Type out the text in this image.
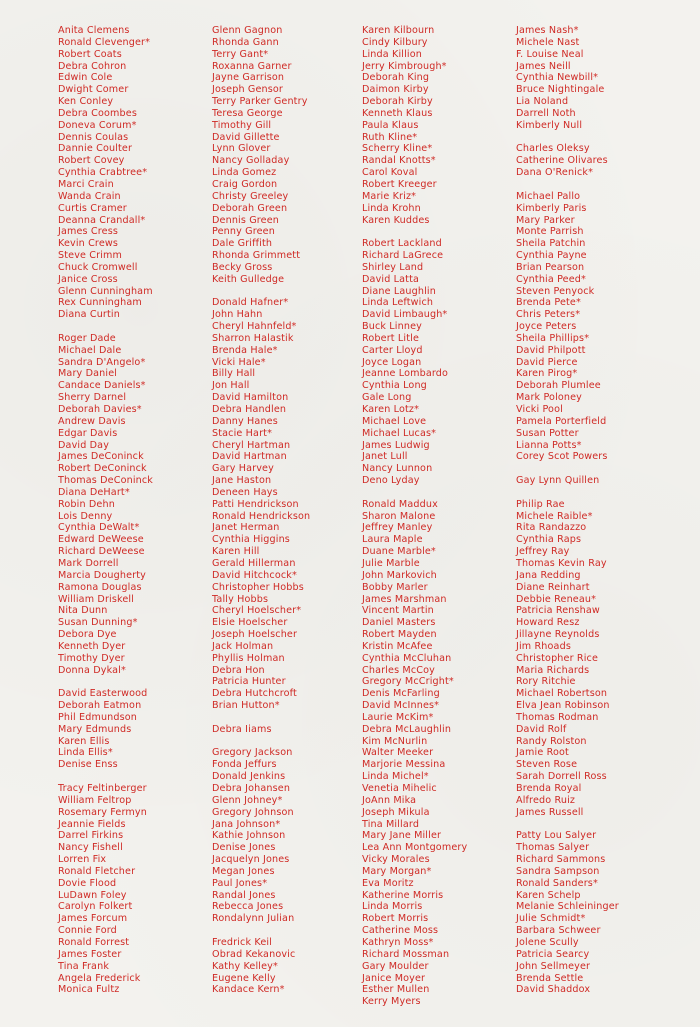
Anita Clemens
Ronald Clevenger*
Robert Coats
Debra Cohron
Edwin Cole
Dwight Comer
Ken Conley
Debra Coombes
Doneva Corum*
Dennis Coulas
Dannie Coulter
Robert Covey
Cynthia Crabtree*
Marci Crain
Wanda Crain
Curtis Cramer
Deanna Crandall*
James Cress
Kevin Crews
Steve Crimm
Chuck Cromwell
Janice Cross
Glenn Cunningham
Rex Cunningham
Diana Curtin
Roger Dade
Michael Dale
Sandra D'Angelo*
Mary Daniel
Candace Daniels*
Sherry Darnel
Deborah Davies*
Andrew Davis
Edgar Davis
David Day
James DeConinck
Robert DeConinck
Thomas DeConinck
Diana DeHart*
Robin Dehn
Lois Denny
Cynthia DeWalt*
Edward DeWeese
Richard DeWeese
Mark Dorrell
Marcia Dougherty
Ramona Douglas
William Driskell
Nita Dunn
Susan Dunning*
Debora Dye
Kenneth Dyer
Timothy Dyer
Donna Dykal*
David Easterwood
Deborah Eatmon
Phil Edmundson
Mary Edmunds
Karen Ellis
Linda Ellis*
Denise Enss
Tracy Feltinberger
William Feltrop
Rosemary Fermyn
Jeannie Fields
Darrel Firkins
Nancy Fishell
Lorren Fix
Ronald Fletcher
Dovie Flood
LuDawn Foley
Carolyn Folkert
James Forcum
Connie Ford
Ronald Forrest
James Foster
Tina Frank
Angela Frederick
Monica Fultz
Glenn Gagnon
Rhonda Gann
Terry Gant*
Roxanna Garner
Jayne Garrison
Joseph Gensor
Terry Parker Gentry
Teresa George
Timothy Gill
David Gillette
Lynn Glover
Nancy Golladay
Linda Gomez
Craig Gordon
Christy Greeley
Deborah Green
Dennis Green
Penny Green
Dale Griffith
Rhonda Grimmett
Becky Gross
Keith Gulledge
Donald Hafner*
John Hahn
Cheryl Hahnfeld*
Sharron Halastik
Brenda Hale*
Vicki Hale*
Billy Hall
Jon Hall
David Hamilton
Debra Handlen
Danny Hanes
Stacie Hart*
Cheryl Hartman
David Hartman
Gary Harvey
Jane Haston
Deneen Hays
Patti Hendrickson
Ronald Hendrickson
Janet Herman
Cynthia Higgins
Karen Hill
Gerald Hillerman
David Hitchcock*
Christopher Hobbs
Tally Hobbs
Cheryl Hoelscher*
Elsie Hoelscher
Joseph Hoelscher
Jack Holman
Phyllis Holman
Debra Hon
Patricia Hunter
Debra Hutchcroft
Brian Hutton*
Debra Iiams
Gregory Jackson
Fonda Jeffurs
Donald Jenkins
Debra Johansen
Glenn Johney*
Gregory Johnson
Jana Johnson*
Kathie Johnson
Denise Jones
Jacquelyn Jones
Megan Jones
Paul Jones*
Randal Jones
Rebecca Jones
Rondalynn Julian
Fredrick Keil
Obrad Kekanovic
Kathy Kelley*
Eugene Kelly
Kandace Kern*
Karen Kilbourn
Cindy Kilbury
Linda Killion
Jerry Kimbrough*
Deborah King
Daimon Kirby
Deborah Kirby
Kenneth Klaus
Paula Klaus
Ruth Kline*
Scherry Kline*
Randal Knotts*
Carol Koval
Robert Kreeger
Marie Kriz*
Linda Krohn
Karen Kuddes
Robert Lackland
Richard LaGrece
Shirley Land
David Latta
Diane Laughlin
Linda Leftwich
David Limbaugh*
Buck Linney
Robert Litle
Carter Lloyd
Joyce Logan
Jeanne Lombardo
Cynthia Long
Gale Long
Karen Lotz*
Michael Love
Michael Lucas*
James Ludwig
Janet Lull
Nancy Lunnon
Deno Lyday
Ronald Maddux
Sharon Malone
Jeffrey Manley
Laura Maple
Duane Marble*
Julie Marble
John Markovich
Bobby Marler
James Marshman
Vincent Martin
Daniel Masters
Robert Mayden
Kristin McAfee
Cynthia McCluhan
Charles McCoy
Gregory McCright*
Denis McFarling
David McInnes*
Laurie McKim*
Debra McLaughlin
Kim McNurlin
Walter Meeker
Marjorie Messina
Linda Michel*
Venetia Mihelic
JoAnn Mika
Joseph Mikula
Tina Millard
Mary Jane Miller
Lea Ann Montgomery
Vicky Morales
Mary Morgan*
Eva Moritz
Katherine Morris
Linda Morris
Robert Morris
Catherine Moss
Kathryn Moss*
Richard Mossman
Gary Moulder
Janice Moyer
Esther Mullen
Kerry Myers
James Nash*
Michele Nast
F. Louise Neal
James Neill
Cynthia Newbill*
Bruce Nightingale
Lia Noland
Darrell Noth
Kimberly Null
Charles Oleksy
Catherine Olivares
Dana O'Renick*
Michael Pallo
Kimberly Paris
Mary Parker
Monte Parrish
Sheila Patchin
Cynthia Payne
Brian Pearson
Cynthia Peed*
Steven Penyock
Brenda Pete*
Chris Peters*
Joyce Peters
Sheila Phillips*
David Philpott
David Pierce
Karen Pirog*
Deborah Plumlee
Mark Poloney
Vicki Pool
Pamela Porterfield
Susan Potter
Lianna Potts*
Corey Scot Powers
Gay Lynn Quillen
Philip Rae
Michele Raible*
Rita Randazzo
Cynthia Raps
Jeffrey Ray
Thomas Kevin Ray
Jana Redding
Diane Reinhart
Debbie Reneau*
Patricia Renshaw
Howard Resz
Jillayne Reynolds
Jim Rhoads
Christopher Rice
Maria Richards
Rory Ritchie
Michael Robertson
Elva Jean Robinson
Thomas Rodman
David Rolf
Randy Rolston
Jamie Root
Steven Rose
Sarah Dorrell Ross
Brenda Royal
Alfredo Ruiz
James Russell
Patty Lou Salyer
Thomas Salyer
Richard Sammons
Sandra Sampson
Ronald Sanders*
Karen Schelp
Melanie Schleininger
Julie Schmidt*
Barbara Schweer
Jolene Scully
Patricia Searcy
John Sellmeyer
Brenda Settle
David Shaddox
